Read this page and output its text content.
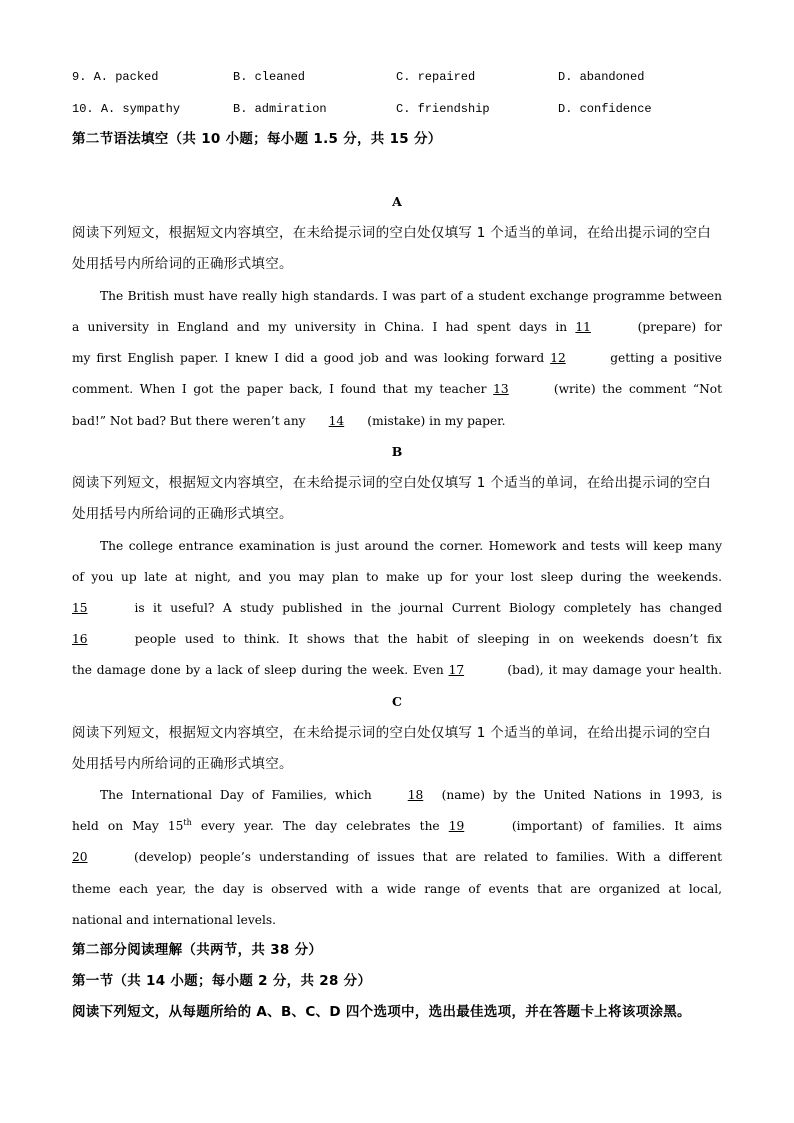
9. A. packed	B. cleaned	C. repaired	D. abandoned
10. A. sympathy	B. admiration	C. friendship	D. confidence
第二节语法填空（共 10 小题；每小题 1.5 分，共 15 分）
A
阅读下列短文，根据短文内容填空，在未给提示词的空白处仅填写 1 个适当的单词，在给出提示词的空白
处用括号内所给词的正确形式填空。
The British must have really high standards. I was part of a student exchange programme between
a university in England and my university in China. I had spent days in 11	(prepare) for
my first English paper. I knew I did a good job and was looking forward 12	getting a positive
comment. When I got the paper back, I found that my teacher 13	(write) the comment “Not
bad!” Not bad? But there weren’t any 14 (mistake) in my paper.
B
阅读下列短文，根据短文内容填空，在未给提示词的空白处仅填写 1 个适当的单词，在给出提示词的空白
处用括号内所给词的正确形式填空。
The college entrance examination is just around the corner. Homework and tests will keep many
of you up late at night, and you may plan to make up for your lost sleep during the weekends.
15	is it useful? A study published in the journal Current Biology completely has changed
16	people used to think. It shows that the habit of sleeping in on weekends doesn’t fix
the damage done by a lack of sleep during the week. Even 17	(bad), it may damage your health.
C
阅读下列短文，根据短文内容填空，在未给提示词的空白处仅填写 1 个适当的单词，在给出提示词的空白
处用括号内所给词的正确形式填空。
The International Day of Families, which 18 (name) by the United Nations in 1993, is
held on May 15th every year. The day celebrates the 19	(important) of families. It aims
20	(develop) people’s understanding of issues that are related to families. With a different
theme each year, the day is observed with a wide range of events that are organized at local,
national and international levels.
第二部分阅读理解（共两节，共 38 分）
第一节（共 14 小题；每小题 2 分，共 28 分）
阅读下列短文，从每题所给的 A、B、C、D 四个选项中，选出最佳选项，并在答题卡上将该项涂黑。
